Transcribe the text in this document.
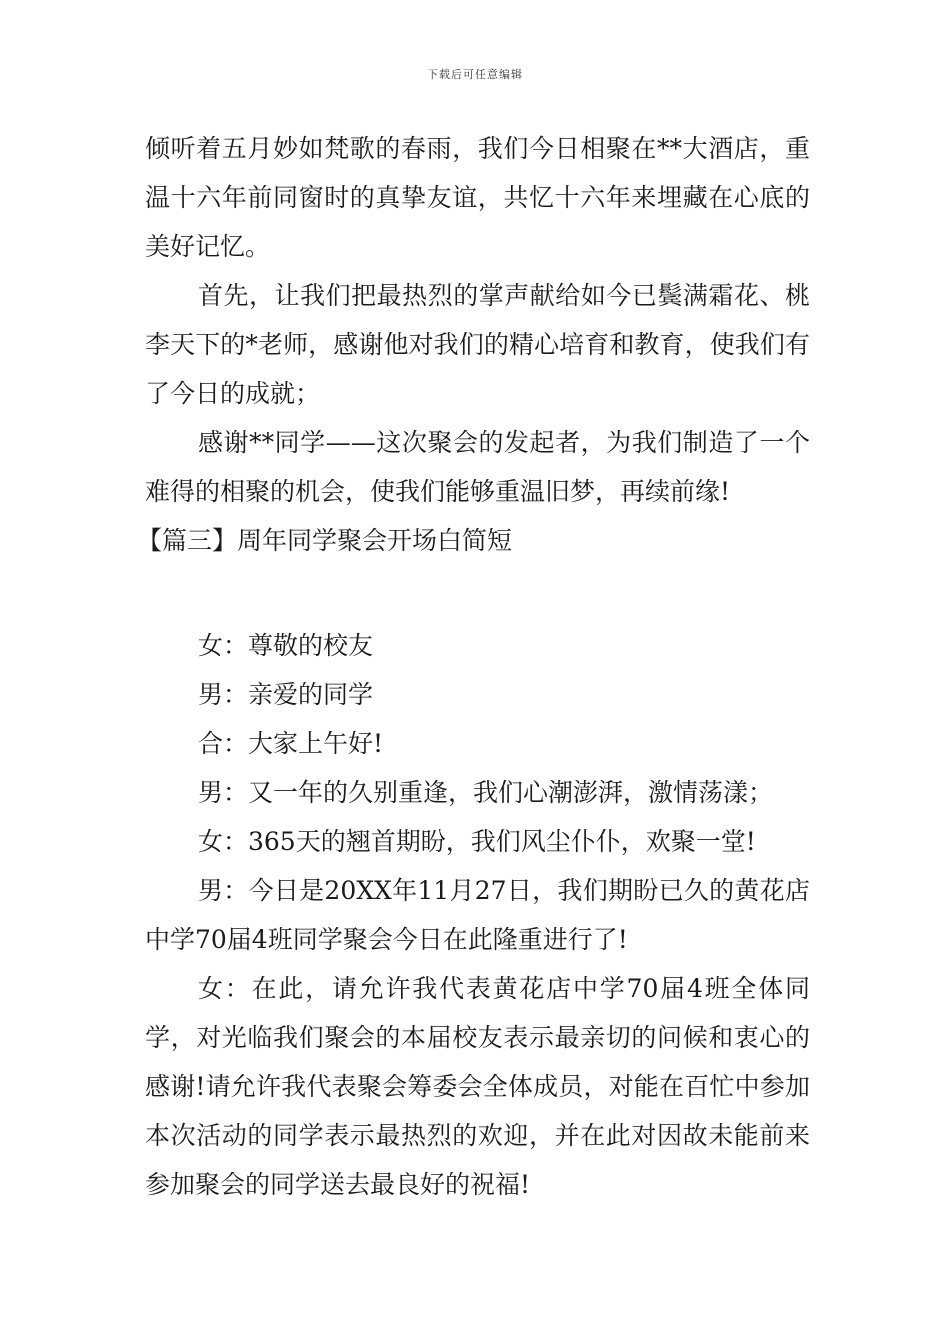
下载后可任意编辑

倾听着五月妙如梵歌的春雨，我们今日相聚在**大酒店，重温十六年前同窗时的真挚友谊，共忆十六年来埋藏在心底的美好记忆。

首先，让我们把最热烈的掌声献给如今已鬓满霜花、桃李天下的*老师，感谢他对我们的精心培育和教育，使我们有了今日的成就；

感谢**同学——这次聚会的发起者，为我们制造了一个难得的相聚的机会，使我们能够重温旧梦，再续前缘!

【篇三】周年同学聚会开场白简短

女：尊敬的校友

男：亲爱的同学

合：大家上午好!

男：又一年的久别重逢，我们心潮澎湃，激情荡漾；

女：365天的翘首期盼，我们风尘仆仆，欢聚一堂!

男：今日是20XX年11月27日，我们期盼已久的黄花店中学70届4班同学聚会今日在此隆重进行了!

女：在此，请允许我代表黄花店中学70届4班全体同学，对光临我们聚会的本届校友表示最亲切的问候和衷心的感谢!请允许我代表聚会筹委会全体成员，对能在百忙中参加本次活动的同学表示最热烈的欢迎，并在此对因故未能前来参加聚会的同学送去最良好的祝福!
